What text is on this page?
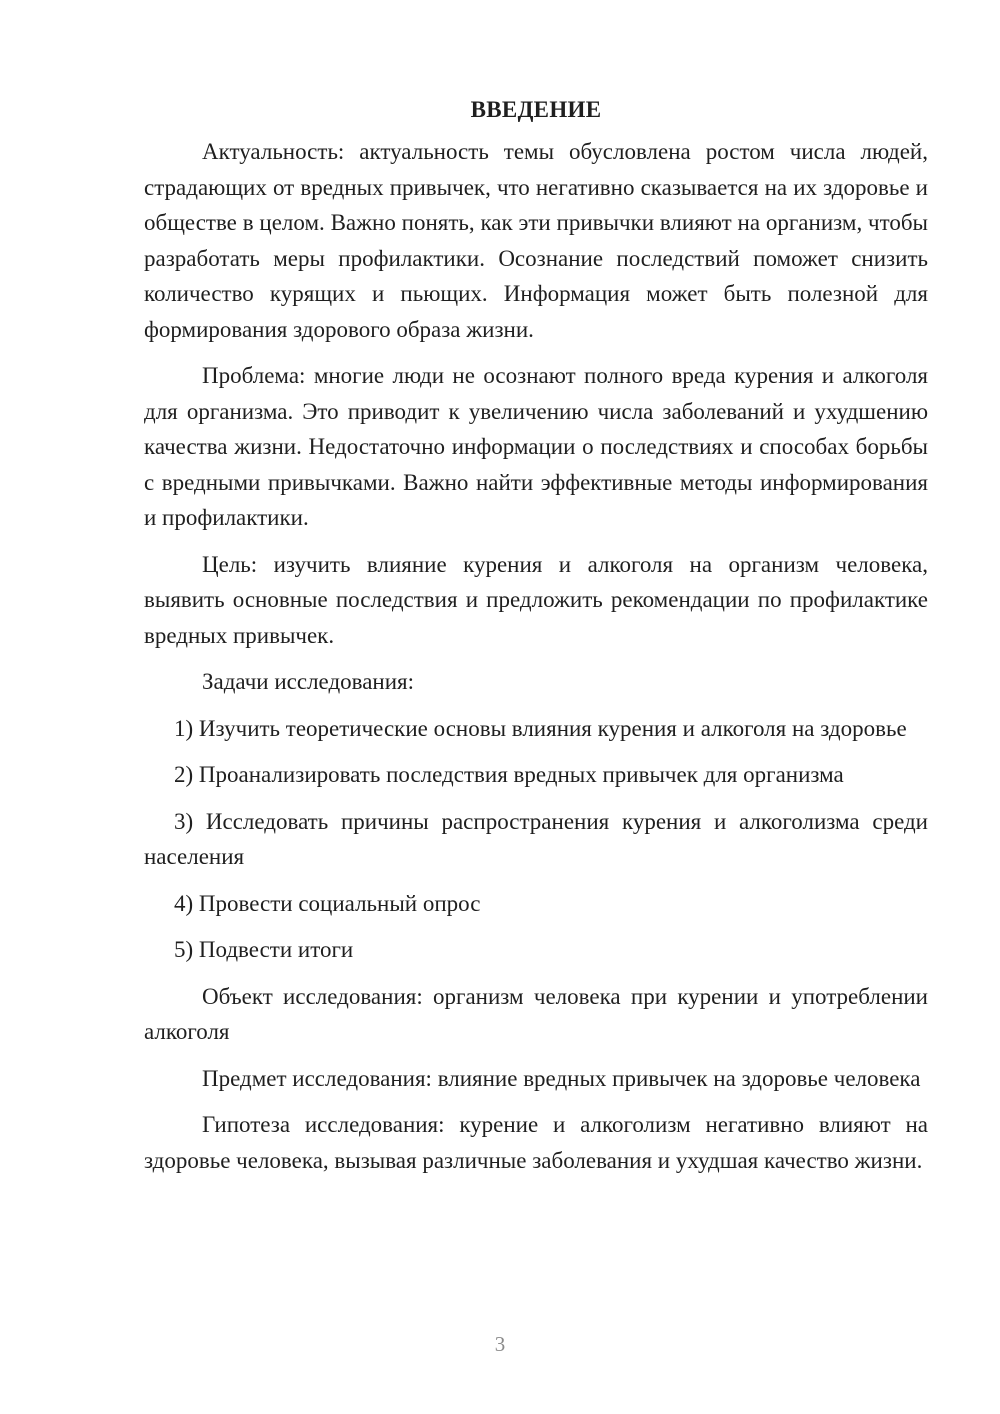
ВВЕДЕНИЕ

Актуальность: актуальность темы обусловлена ростом числа людей, страдающих от вредных привычек, что негативно сказывается на их здоровье и обществе в целом. Важно понять, как эти привычки влияют на организм, чтобы разработать меры профилактики. Осознание последствий поможет снизить количество курящих и пьющих. Информация может быть полезной для формирования здорового образа жизни.

Проблема: многие люди не осознают полного вреда курения и алкоголя для организма. Это приводит к увеличению числа заболеваний и ухудшению качества жизни. Недостаточно информации о последствиях и способах борьбы с вредными привычками. Важно найти эффективные методы информирования и профилактики.

Цель: изучить влияние курения и алкоголя на организм человека, выявить основные последствия и предложить рекомендации по профилактике вредных привычек.

Задачи исследования:

1) Изучить теоретические основы влияния курения и алкоголя на здоровье

2) Проанализировать последствия вредных привычек для организма

3) Исследовать причины распространения курения и алкоголизма среди населения

4) Провести социальный опрос

5) Подвести итоги

Объект исследования: организм человека при курении и употреблении алкоголя

Предмет исследования: влияние вредных привычек на здоровье человека

Гипотеза исследования: курение и алкоголизм негативно влияют на здоровье человека, вызывая различные заболевания и ухудшая качество жизни.

3
